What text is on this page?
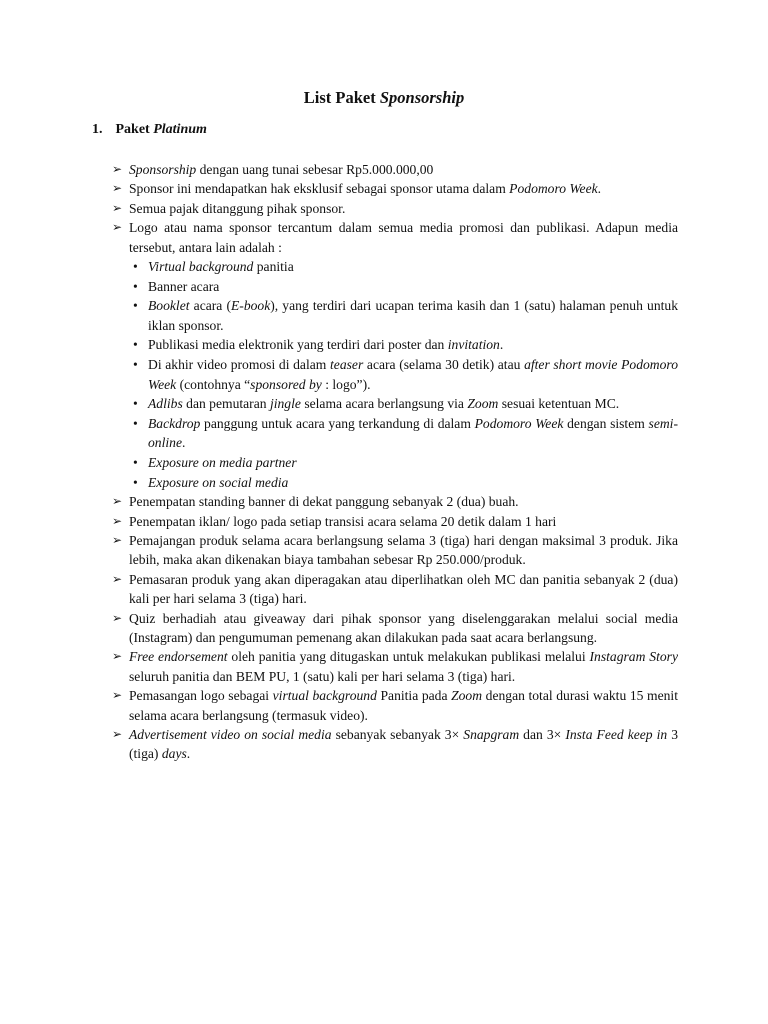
List Paket Sponsorship
1. Paket Platinum
➢ Sponsorship dengan uang tunai sebesar Rp5.000.000,00
➢ Sponsor ini mendapatkan hak eksklusif sebagai sponsor utama dalam Podomoro Week.
➢ Semua pajak ditanggung pihak sponsor.
➢ Logo atau nama sponsor tercantum dalam semua media promosi dan publikasi. Adapun media tersebut, antara lain adalah :
• Virtual background panitia
• Banner acara
• Booklet acara (E-book), yang terdiri dari ucapan terima kasih dan 1 (satu) halaman penuh untuk iklan sponsor.
• Publikasi media elektronik yang terdiri dari poster dan invitation.
• Di akhir video promosi di dalam teaser acara (selama 30 detik) atau after short movie Podomoro Week (contohnya “sponsored by : logo”).
• Adlibs dan pemutaran jingle selama acara berlangsung via Zoom sesuai ketentuan MC.
• Backdrop panggung untuk acara yang terkandung di dalam Podomoro Week dengan sistem semi-online.
• Exposure on media partner
• Exposure on social media
➢ Penempatan standing banner di dekat panggung sebanyak 2 (dua) buah.
➢ Penempatan iklan/ logo pada setiap transisi acara selama 20 detik dalam 1 hari
➢ Pemajangan produk selama acara berlangsung selama 3 (tiga) hari dengan maksimal 3 produk. Jika lebih, maka akan dikenakan biaya tambahan sebesar Rp 250.000/produk.
➢ Pemasaran produk yang akan diperagakan atau diperlihatkan oleh MC dan panitia sebanyak 2 (dua) kali per hari selama 3 (tiga) hari.
➢ Quiz berhadiah atau giveaway dari pihak sponsor yang diselenggarakan melalui social media (Instagram) dan pengumuman pemenang akan dilakukan pada saat acara berlangsung.
➢ Free endorsement oleh panitia yang ditugaskan untuk melakukan publikasi melalui Instagram Story seluruh panitia dan BEM PU, 1 (satu) kali per hari selama 3 (tiga) hari.
➢ Pemasangan logo sebagai virtual background Panitia pada Zoom dengan total durasi waktu 15 menit selama acara berlangsung (termasuk video).
➢ Advertisement video on social media sebanyak sebanyak 3× Snapgram dan 3× Insta Feed keep in 3 (tiga) days.
